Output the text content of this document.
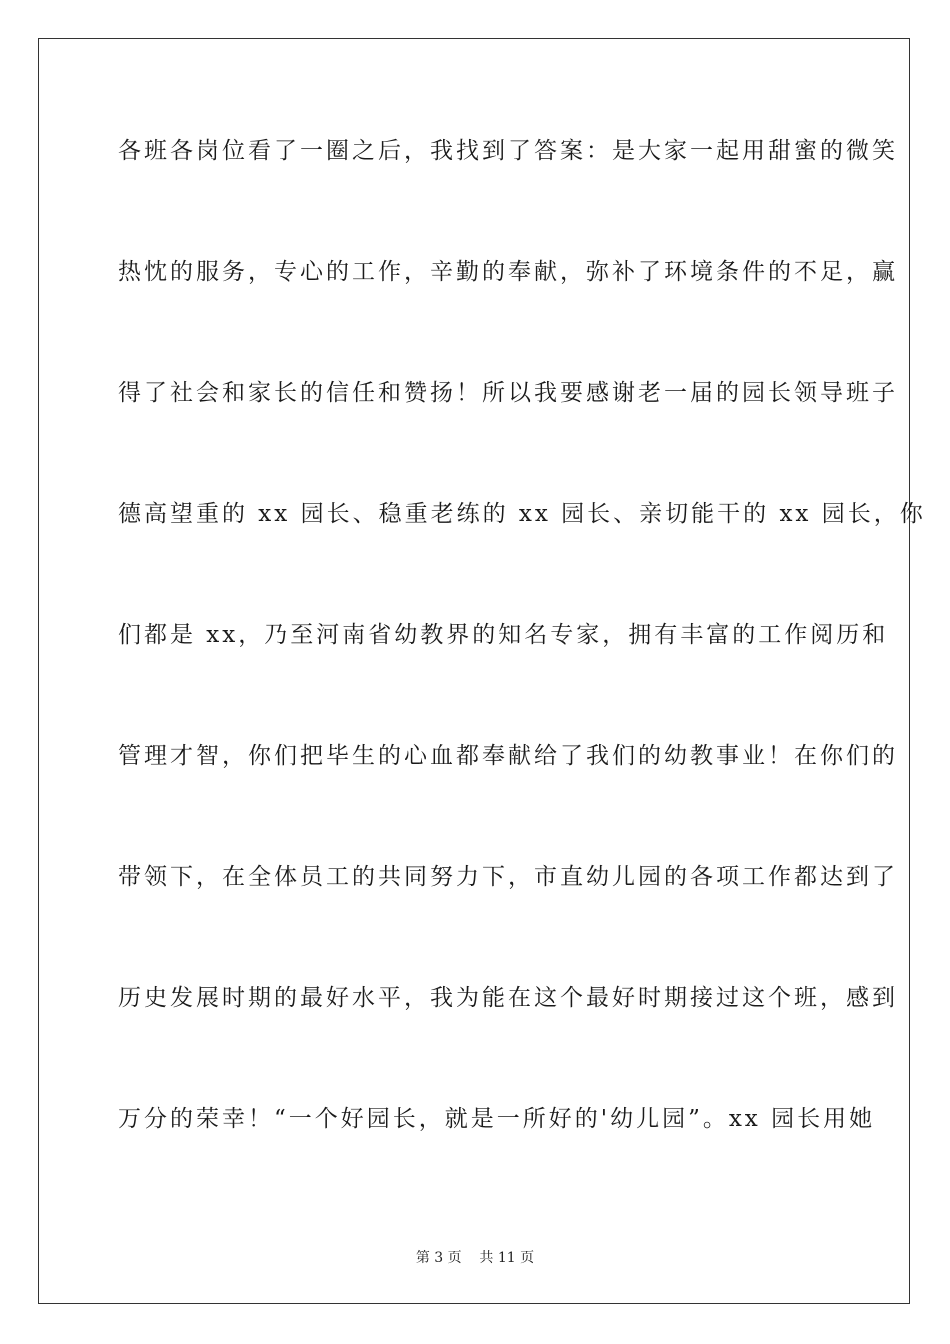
各班各岗位看了一圈之后，我找到了答案：是大家一起用甜蜜的微笑
热忱的服务，专心的工作，辛勤的奉献，弥补了环境条件的不足，赢
得了社会和家长的信任和赞扬！所以我要感谢老一届的园长领导班子
德高望重的 xx 园长、稳重老练的 xx 园长、亲切能干的 xx 园长，你
们都是 xx，乃至河南省幼教界的知名专家，拥有丰富的工作阅历和
管理才智，你们把毕生的心血都奉献给了我们的幼教事业！在你们的
带领下，在全体员工的共同努力下，市直幼儿园的各项工作都达到了
历史发展时期的最好水平，我为能在这个最好时期接过这个班，感到
万分的荣幸！“一个好园长，就是一所好的'幼儿园”。xx 园长用她
第 3 页    共 11 页
